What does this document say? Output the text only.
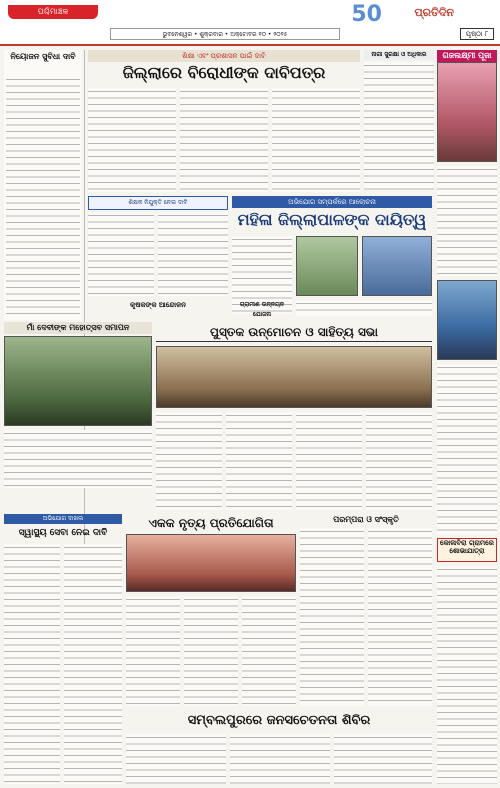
ପଶ୍ଚିମାଞ୍ଚଳ
ଭୁବନେଶ୍ୱର • ଶୁକ୍ରବାର • ଅକ୍ଟୋବର ୧୦ • ୨୦୨୫
50	ପ୍ରତିଦିନ
ପୃଷ୍ଠା ୮
ନିୟୋଜନ ସୁବିଧା ଦାବି	ଶିକ୍ଷା ଏବଂ ପ୍ରଶାସନ ପାଇଁ ଦାବି
ଜିଲ୍ଲାରେ ବିରୋଧୀଙ୍କ ଦାବିପତ୍ର
ନାରୀ ସୁରକ୍ଷା ଓ ଅଧିକାର	ଗଜଲକ୍ଷ୍ମୀ ପୂଜା
ଶିକ୍ଷକ ନିଯୁକ୍ତି ନେଇ ଦାବି	ଅଭିଯୋଗ ସମ୍ପର୍କରେ ଆଲୋଚନା
ମହିଳା ଜିଲ୍ଲାପାଳଙ୍କ ଦାୟିତ୍ୱ
କୃଷକଙ୍କ ଆନ୍ଦୋଳନ	ଗ୍ରାମୀଣ ଉନ୍ନୟନ ଯୋଜନା
ମାଁ ଦେବୀଙ୍କ ମହୋତ୍ସବ ସମାପନ	ପୁସ୍ତକ ଉନ୍ମୋଚନ ଓ ସାହିତ୍ୟ ସଭା
ଅଭିଯୋଗ ଦାଖଲ
ସ୍ୱାସ୍ଥ୍ୟ ସେବା ନେଇ ଦାବି
ଏକକ ନୃତ୍ୟ ପ୍ରତିଯୋଗିତା	ପରମ୍ପରା ଓ ସଂସ୍କୃତି
ସମ୍ବଲପୁରରେ ଜନସଚେତନତା ଶିବିର
କୋଳାବିରା ଗ୍ରାମରେ ଶୋଭାଯାତ୍ରା
